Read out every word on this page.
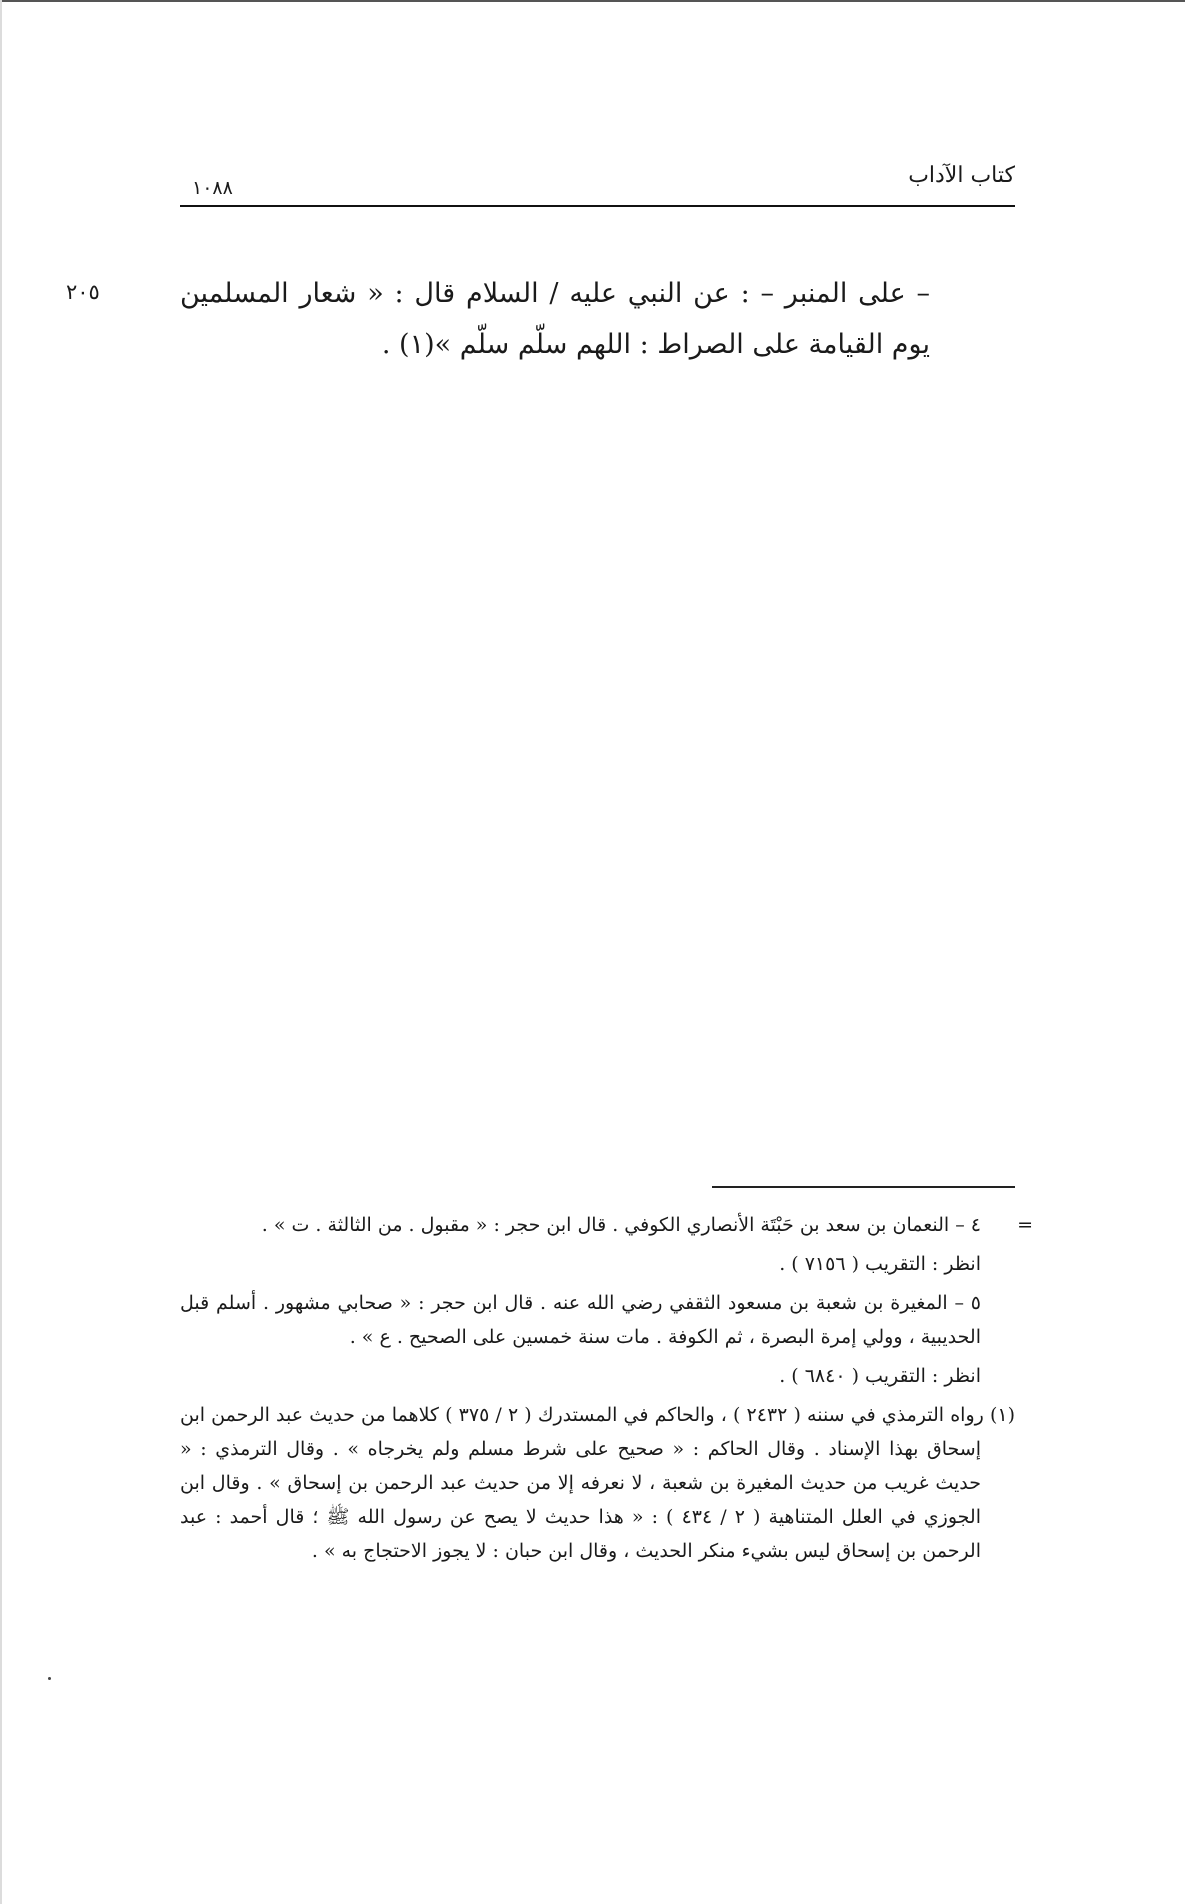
كتاب الآداب
١٠٨٨
٢٠٥	– على المنبر – : عن النبي عليه / السلام قال : « شعار المسلمين يوم القيامة على الصراط : اللهم سلّم سلّم »(١) .

=
٤ – النعمان بن سعد بن حَبْتَة الأنصاري الكوفي . قال ابن حجر : « مقبول . من الثالثة . ت » .

انظر : التقريب ( ٧١٥٦ ) .

٥ – المغيرة بن شعبة بن مسعود الثقفي رضي الله عنه . قال ابن حجر : « صحابي مشهور . أسلم قبل الحديبية ، وولي إمرة البصرة ، ثم الكوفة . مات سنة خمسين على الصحيح . ع » .

انظر : التقريب ( ٦٨٤٠ ) .

(١) رواه الترمذي في سننه ( ٢٤٣٢ ) ، والحاكم في المستدرك ( ٢ / ٣٧٥ ) كلاهما من حديث عبد الرحمن ابن إسحاق بهذا الإسناد . وقال الحاكم : « صحيح على شرط مسلم ولم يخرجاه » . وقال الترمذي : « حديث غريب من حديث المغيرة بن شعبة ، لا نعرفه إلا من حديث عبد الرحمن بن إسحاق » . وقال ابن الجوزي في العلل المتناهية ( ٢ / ٤٣٤ ) : « هذا حديث لا يصح عن رسول الله ﷺ ؛ قال أحمد : عبد الرحمن بن إسحاق ليس بشيء منكر الحديث ، وقال ابن حبان : لا يجوز الاحتجاج به » .
